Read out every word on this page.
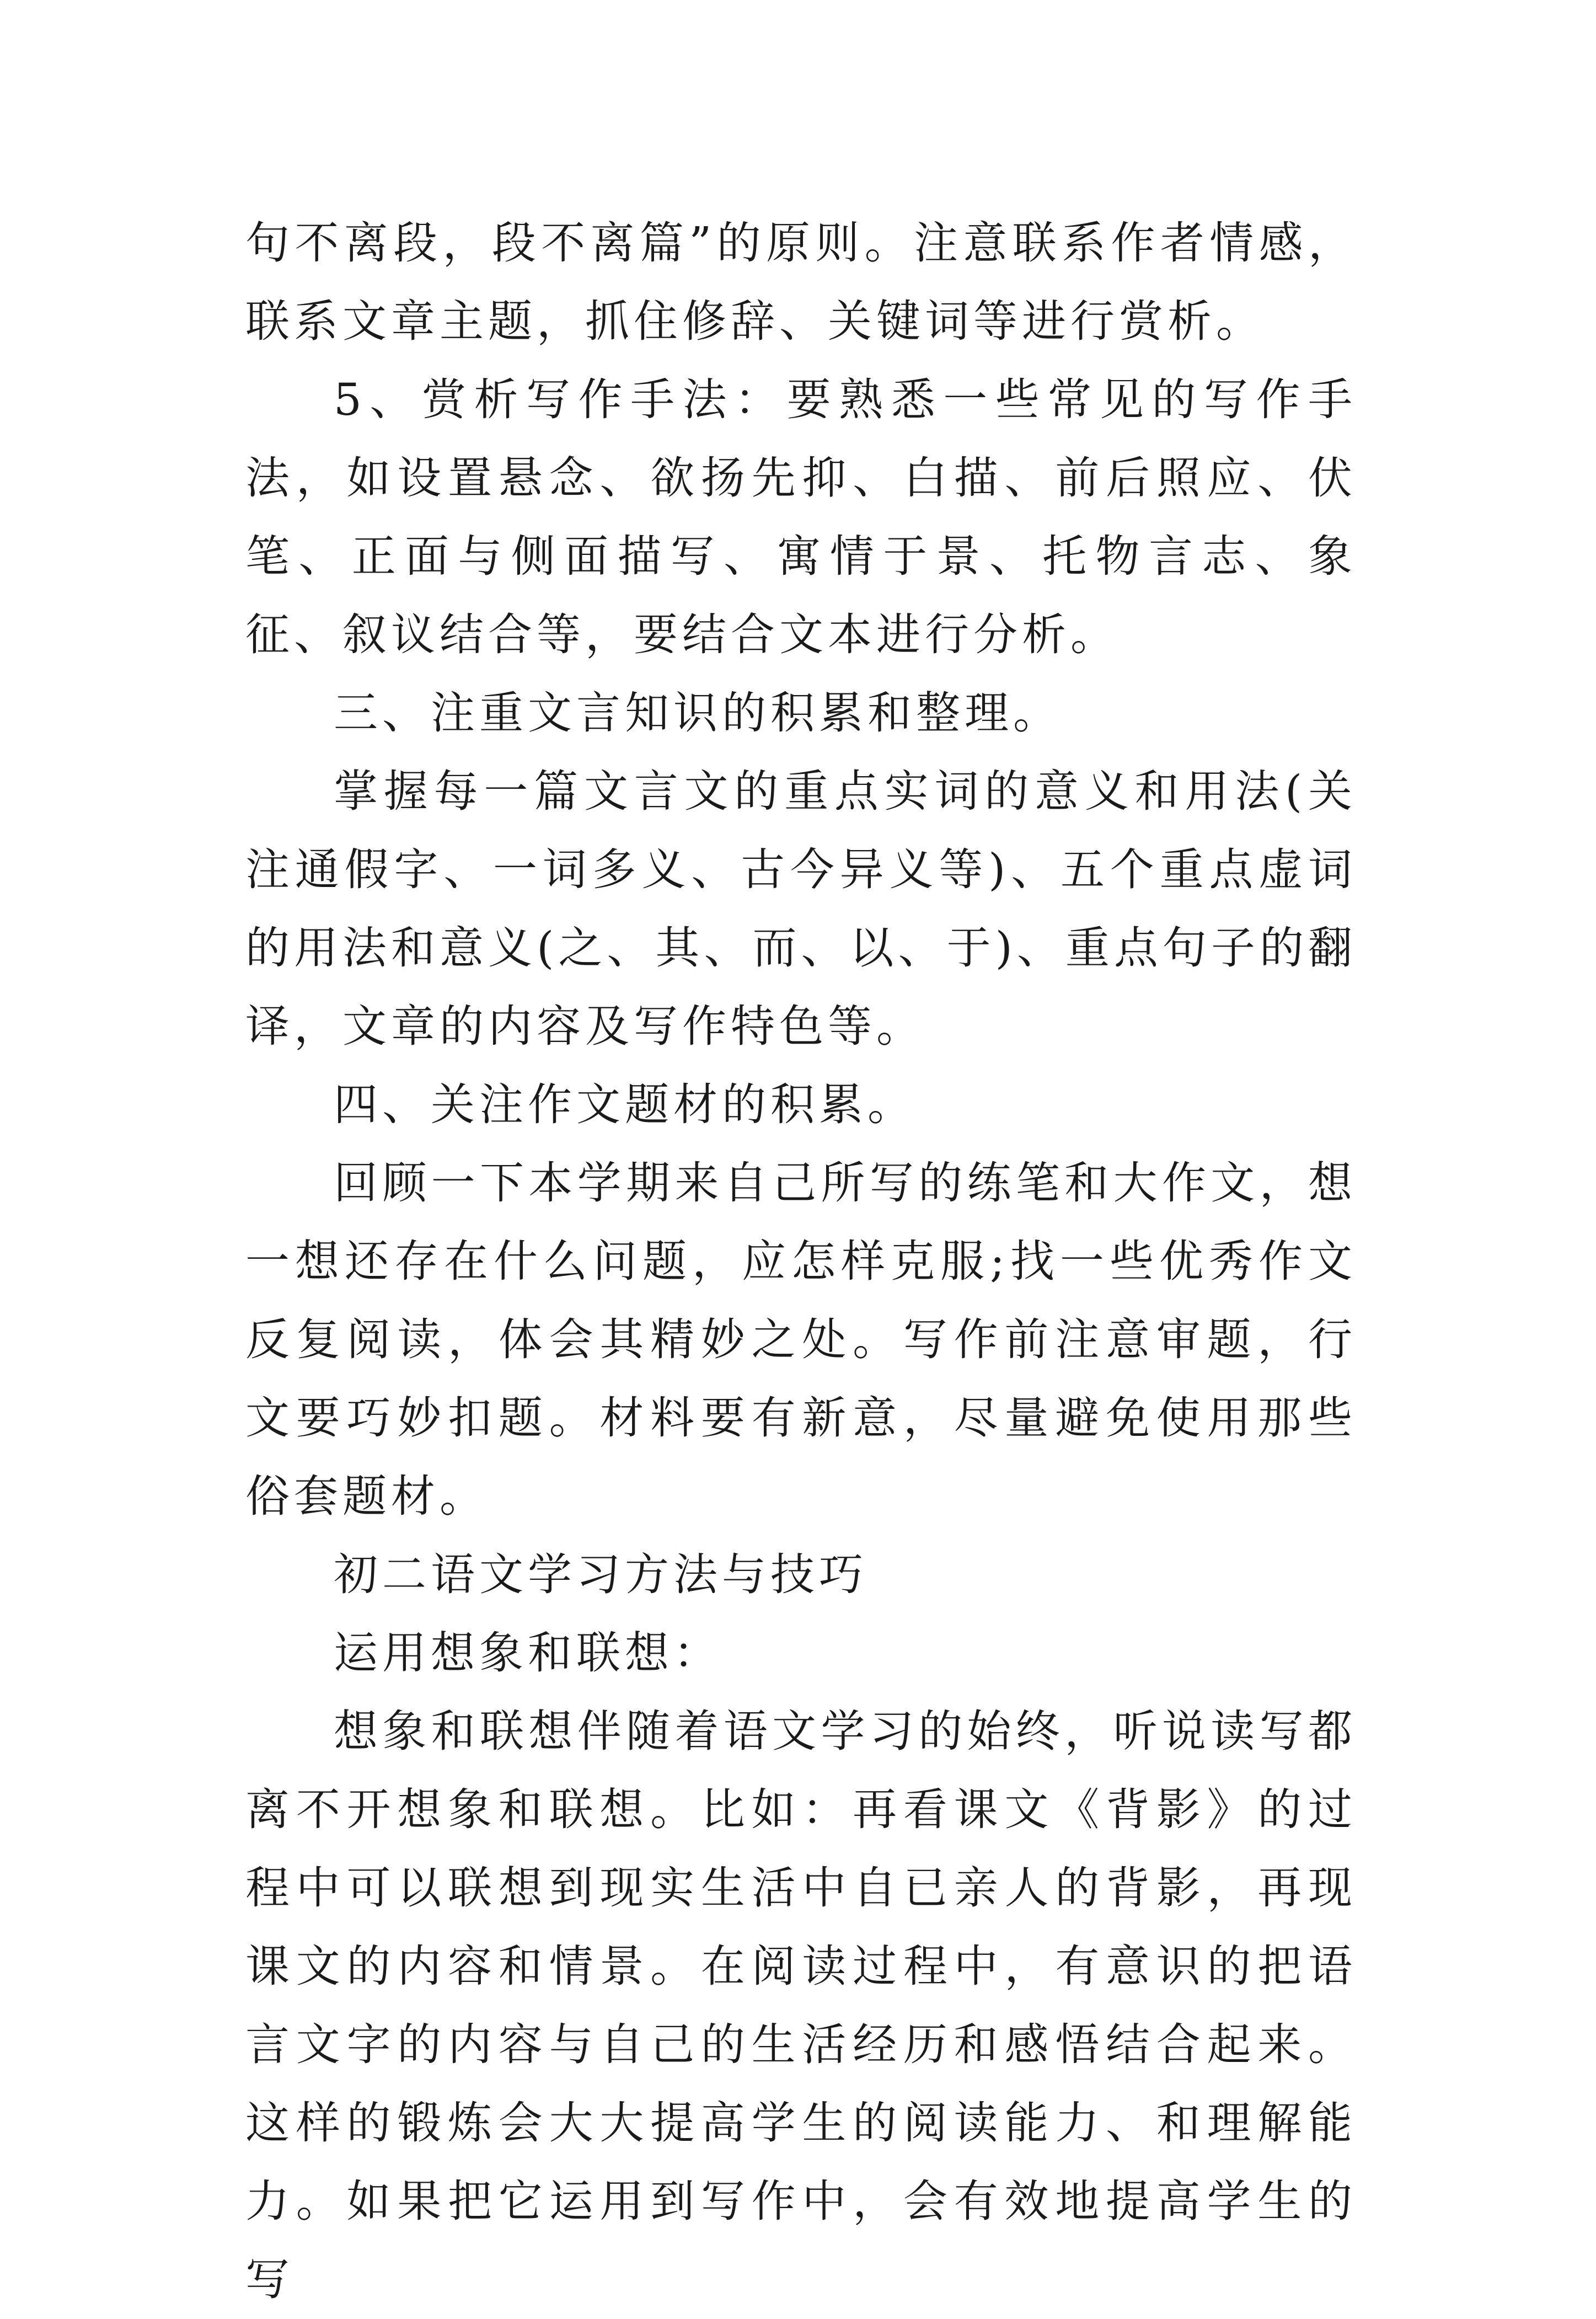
句不离段，段不离篇”的原则。注意联系作者情感，联系文章主题，抓住修辞、关键词等进行赏析。

5、赏析写作手法：要熟悉一些常见的写作手法，如设置悬念、欲扬先抑、白描、前后照应、伏笔、正面与侧面描写、寓情于景、托物言志、象征、叙议结合等，要结合文本进行分析。

三、注重文言知识的积累和整理。

掌握每一篇文言文的重点实词的意义和用法(关注通假字、一词多义、古今异义等)、五个重点虚词的用法和意义(之、其、而、以、于)、重点句子的翻译，文章的内容及写作特色等。

四、关注作文题材的积累。

回顾一下本学期来自己所写的练笔和大作文，想一想还存在什么问题，应怎样克服;找一些优秀作文反复阅读，体会其精妙之处。写作前注意审题，行文要巧妙扣题。材料要有新意，尽量避免使用那些俗套题材。

初二语文学习方法与技巧

运用想象和联想：

想象和联想伴随着语文学习的始终，听说读写都离不开想象和联想。比如：再看课文《背影》的过程中可以联想到现实生活中自已亲人的背影，再现课文的内容和情景。在阅读过程中，有意识的把语言文字的内容与自己的生活经历和感悟结合起来。这样的锻炼会大大提高学生的阅读能力、和理解能力。如果把它运用到写作中，会有效地提高学生的写
